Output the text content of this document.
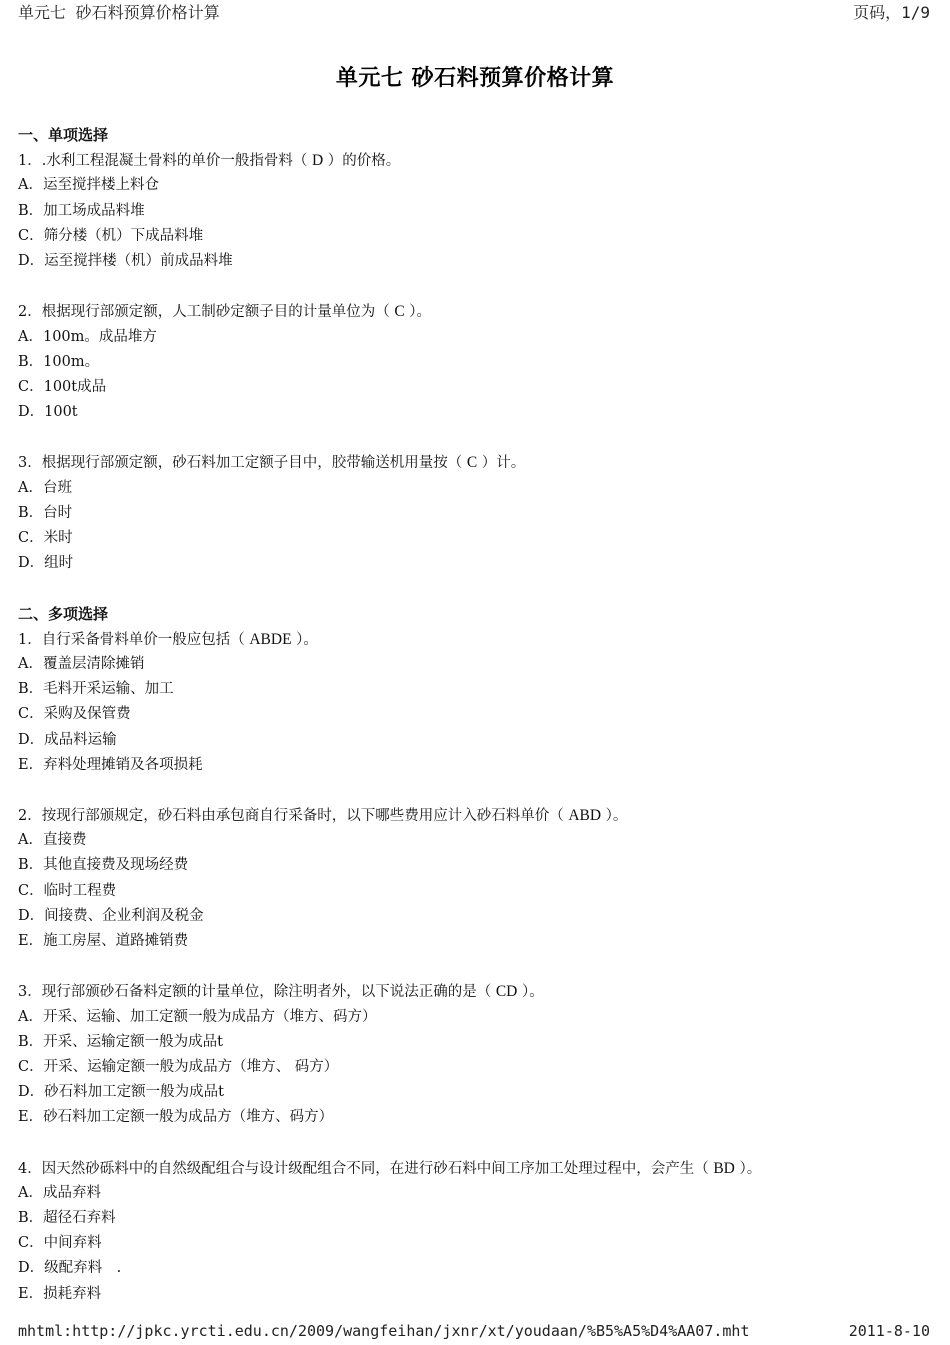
单元七 砂石料预算价格计算	页码，1/9
单元七 砂石料预算价格计算
一、单项选择
1．.水利工程混凝土骨料的单价一般指骨料（ D ）的价格。
A．运至搅拌楼上料仓
B．加工场成品料堆
C．筛分楼（机）下成品料堆
D．运至搅拌楼（机）前成品料堆
2．根据现行部颁定额，人工制砂定额子目的计量单位为（ C ）。
A．100m。成品堆方
B．100m。
C．100t成品
D．100t
3．根据现行部颁定额，砂石料加工定额子目中，胶带输送机用量按（ C ）计。
A．台班
B．台时
C．米时
D．组时
二、多项选择
1．自行采备骨料单价一般应包括（ ABDE ）。
A．覆盖层清除摊销
B．毛料开采运输、加工
C．采购及保管费
D．成品料运输
E．弃料处理摊销及各项损耗
2．按现行部颁规定，砂石料由承包商自行采备时，以下哪些费用应计入砂石料单价（ ABD ）。
A．直接费
B．其他直接费及现场经费
C．临时工程费
D．间接费、企业利润及税金
E．施工房屋、道路摊销费
3．现行部颁砂石备料定额的计量单位，除注明者外，以下说法正确的是（ CD ）。
A．开采、运输、加工定额一般为成品方（堆方、码方）
B．开采、运输定额一般为成品t
C．开采、运输定额一般为成品方（堆方、 码方）
D．砂石料加工定额一般为成品t
E．砂石料加工定额一般为成品方（堆方、码方）
4．因天然砂砾料中的自然级配组合与设计级配组合不同，在进行砂石料中间工序加工处理过程中，会产生（ BD ）。
A．成品弃料
B．超径石弃料
C．中间弃料
D．级配弃料　.
E．损耗弃料
mhtml:http://jpkc.yrcti.edu.cn/2009/wangfeihan/jxnr/xt/youdaan/%B5%A5%D4%AA07.mht	2011-8-10
